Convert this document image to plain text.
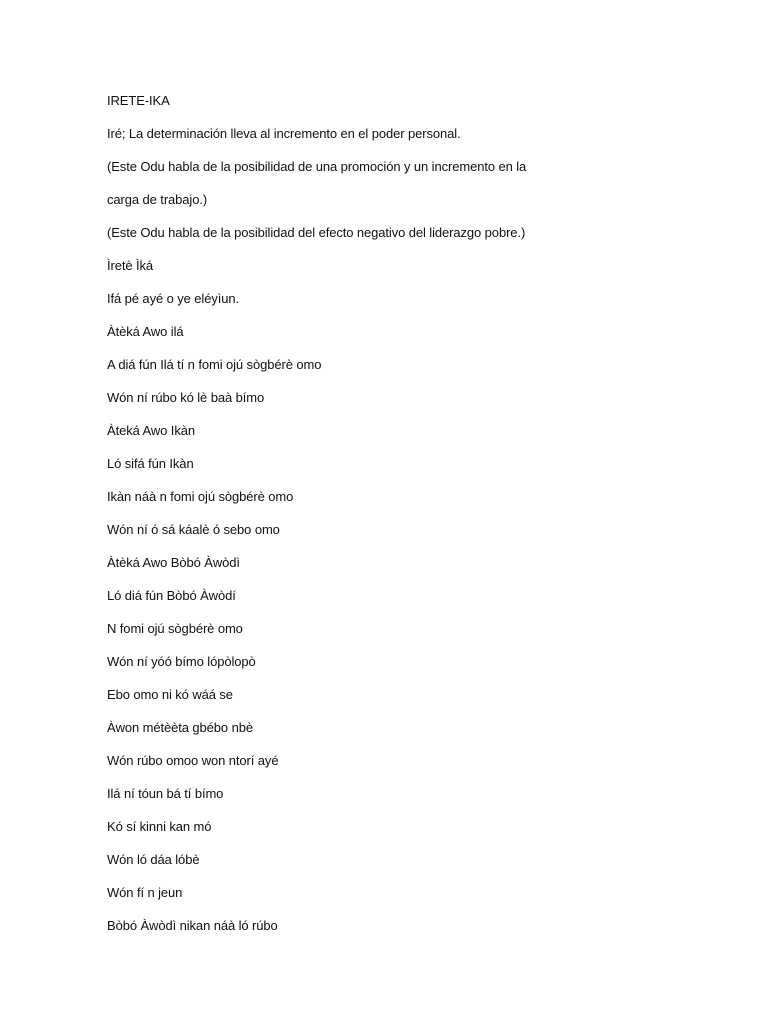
IRETE-IKA
Iré; La determinación lleva al incremento en el poder personal.
(Este Odu habla de la posibilidad de una promoción y un incremento en la
carga de trabajo.)
(Este Odu habla de la posibilidad del efecto negativo del liderazgo pobre.)
Ìretè Ìká
Ifá pé ayé o ye eléyìun.
Àtèká Awo ilá
A diá fún Ilá tí n fomi ojú sògbérè omo
Wón ní rúbo kó lè baà bímo
Àteká Awo Ikàn
Ló sifá fún Ikàn
Ikàn náà n fomi ojú sògbérè omo
Wón ní ó sá káalè ó sebo omo
Àtèká Awo Bòbó Àwòdì
Ló diá fún Bòbó Àwòdí
N fomi ojú sògbérè omo
Wón ní yóó bímo lópòlopò
Ebo omo ni kó wáá se
Àwon métèèta gbébo nbè
Wón rúbo omoo won ntorí ayé
Ilá ní tóun bá tí bímo
Kó sí kinni kan mó
Wón ló dáa lóbè
Wón fí n jeun
Bòbó Àwòdì nikan náà ló rúbo
